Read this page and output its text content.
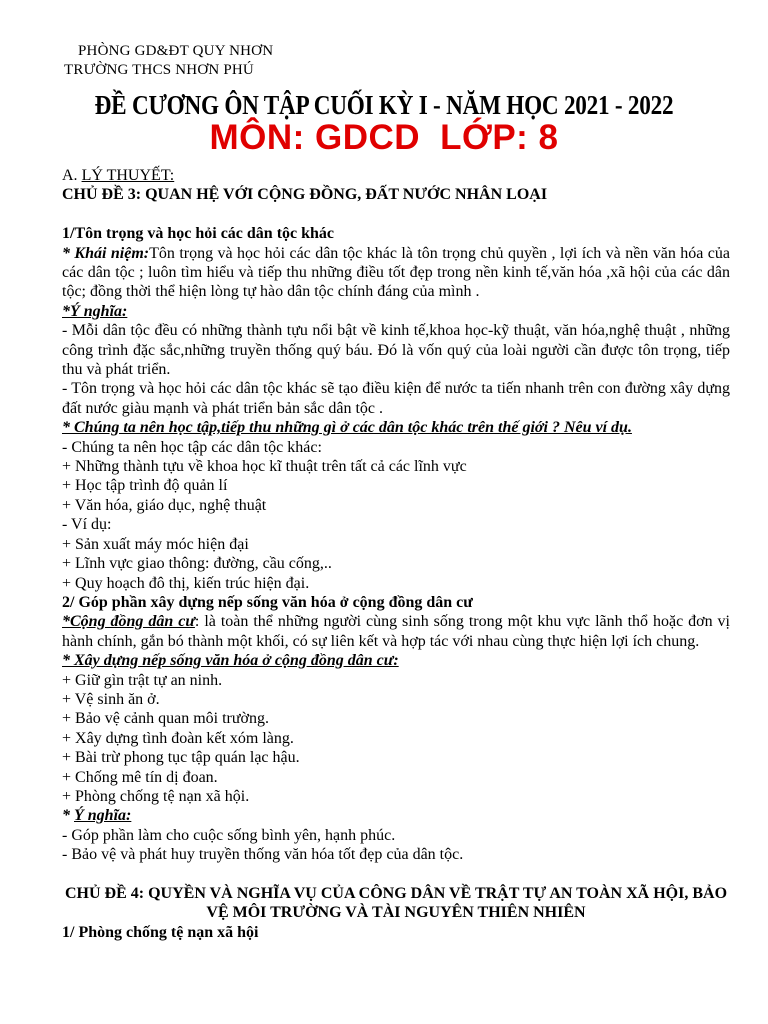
PHÒNG GD&ĐT QUY NHƠN
TRƯỜNG THCS NHƠN PHÚ
ĐỀ CƯƠNG ÔN TẬP CUỐI KỲ I - NĂM HỌC 2021 - 2022
MÔN: GDCD LỚP: 8

A. LÝ THUYẾT:

CHỦ ĐỀ 3: QUAN HỆ VỚI CỘNG ĐỒNG, ĐẤT NƯỚC NHÂN LOẠI

1/Tôn trọng và học hỏi các dân tộc khác

* Khái niệm:Tôn trọng và học hỏi các dân tộc khác là tôn trọng chủ quyền , lợi ích và nền văn hóa của các dân tộc ; luôn tìm hiểu và tiếp thu những điều tốt đẹp trong nền kinh tế,văn hóa ,xã hội của các dân tộc; đồng thời thể hiện lòng tự hào dân tộc chính đáng của mình .

*Ý nghĩa:

- Mỗi dân tộc đều có những thành tựu nổi bật về kinh tế,khoa học-kỹ thuật, văn hóa,nghệ thuật , những công trình đặc sắc,những truyền thống quý báu. Đó là vốn quý của loài người cần được tôn trọng, tiếp thu và phát triển.

- Tôn trọng và học hỏi các dân tộc khác sẽ tạo điều kiện để nước ta tiến nhanh trên con đường xây dựng đất nước giàu mạnh và phát triển bản sắc dân tộc .

* Chúng ta nên học tập,tiếp thu những gì ở các dân tộc khác trên thế giới ? Nêu ví dụ.

- Chúng ta nên học tập các dân tộc khác:

+ Những thành tựu về khoa học kĩ thuật trên tất cả các lĩnh vực

+ Học tập trình độ quản lí

+ Văn hóa, giáo dục, nghệ thuật

- Ví dụ:

+ Sản xuất máy móc hiện đại

+ Lĩnh vực giao thông: đường, cầu cống,..

+ Quy hoạch đô thị, kiến trúc hiện đại.

2/ Góp phần xây dựng nếp sống văn hóa ở cộng đồng dân cư

*Cộng đồng dân cư: là toàn thể những người cùng sinh sống trong một khu vực lãnh thổ hoặc đơn vị hành chính, gắn bó thành một khối, có sự liên kết và hợp tác với nhau cùng thực hiện lợi ích chung.

* Xây dựng nếp sống văn hóa ở cộng đồng dân cư:

+ Giữ gìn trật tự an ninh.

+ Vệ sinh ăn ở.

+ Bảo vệ cảnh quan môi trường.

+ Xây dựng tình đoàn kết xóm làng.

+ Bài trừ phong tục tập quán lạc hậu.

+ Chống mê tín dị đoan.

+ Phòng chống tệ nạn xã hội.

* Ý nghĩa:

- Góp phần làm cho cuộc sống bình yên, hạnh phúc.

- Bảo vệ và phát huy truyền thống văn hóa tốt đẹp của dân tộc.

CHỦ ĐỀ 4: QUYỀN VÀ NGHĨA VỤ CỦA CÔNG DÂN VỀ TRẬT TỰ AN TOÀN XÃ HỘI, BẢO VỆ MÔI TRƯỜNG VÀ TÀI NGUYÊN THIÊN NHIÊN

1/ Phòng chống tệ nạn xã hội
